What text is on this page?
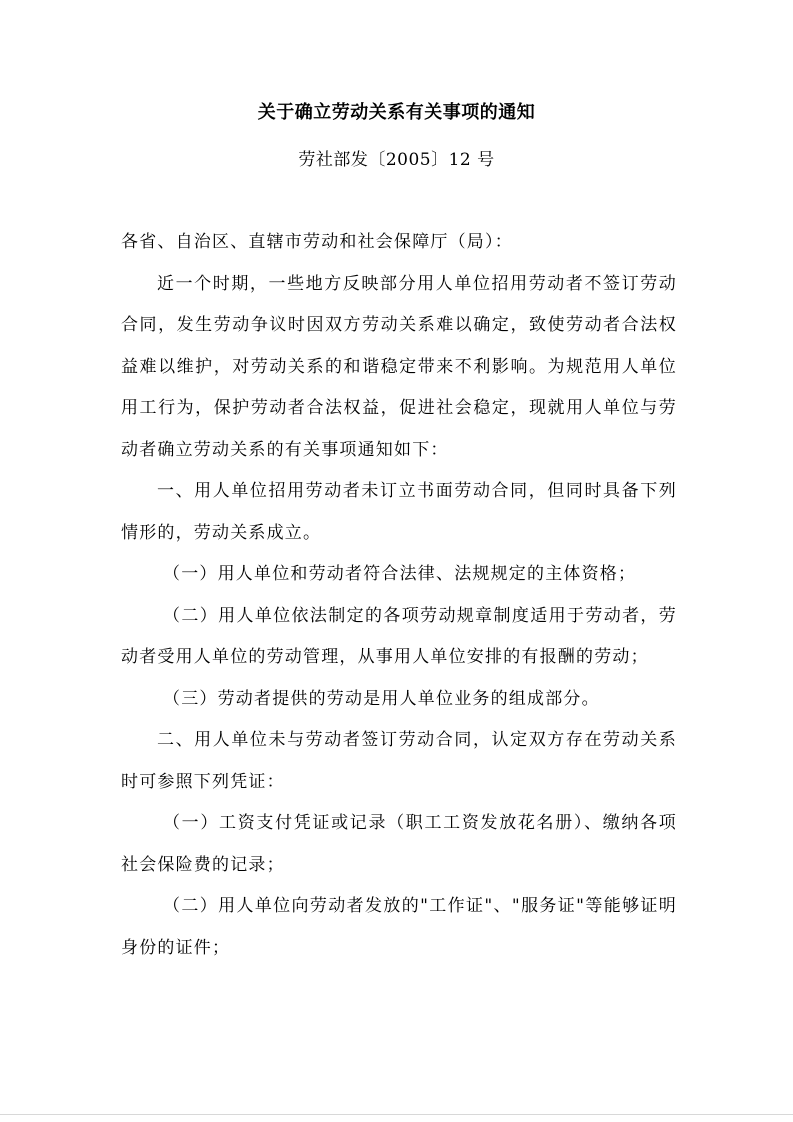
关于确立劳动关系有关事项的通知
劳社部发〔2005〕12 号

各省、自治区、直辖市劳动和社会保障厅（局）：

近一个时期，一些地方反映部分用人单位招用劳动者不签订劳动合同，发生劳动争议时因双方劳动关系难以确定，致使劳动者合法权益难以维护，对劳动关系的和谐稳定带来不利影响。为规范用人单位用工行为，保护劳动者合法权益，促进社会稳定，现就用人单位与劳动者确立劳动关系的有关事项通知如下：

一、用人单位招用劳动者未订立书面劳动合同，但同时具备下列情形的，劳动关系成立。

（一）用人单位和劳动者符合法律、法规规定的主体资格；

（二）用人单位依法制定的各项劳动规章制度适用于劳动者，劳动者受用人单位的劳动管理，从事用人单位安排的有报酬的劳动；

（三）劳动者提供的劳动是用人单位业务的组成部分。

二、用人单位未与劳动者签订劳动合同，认定双方存在劳动关系时可参照下列凭证：

（一）工资支付凭证或记录（职工工资发放花名册）、缴纳各项社会保险费的记录；

（二）用人单位向劳动者发放的"工作证"、"服务证"等能够证明身份的证件；
